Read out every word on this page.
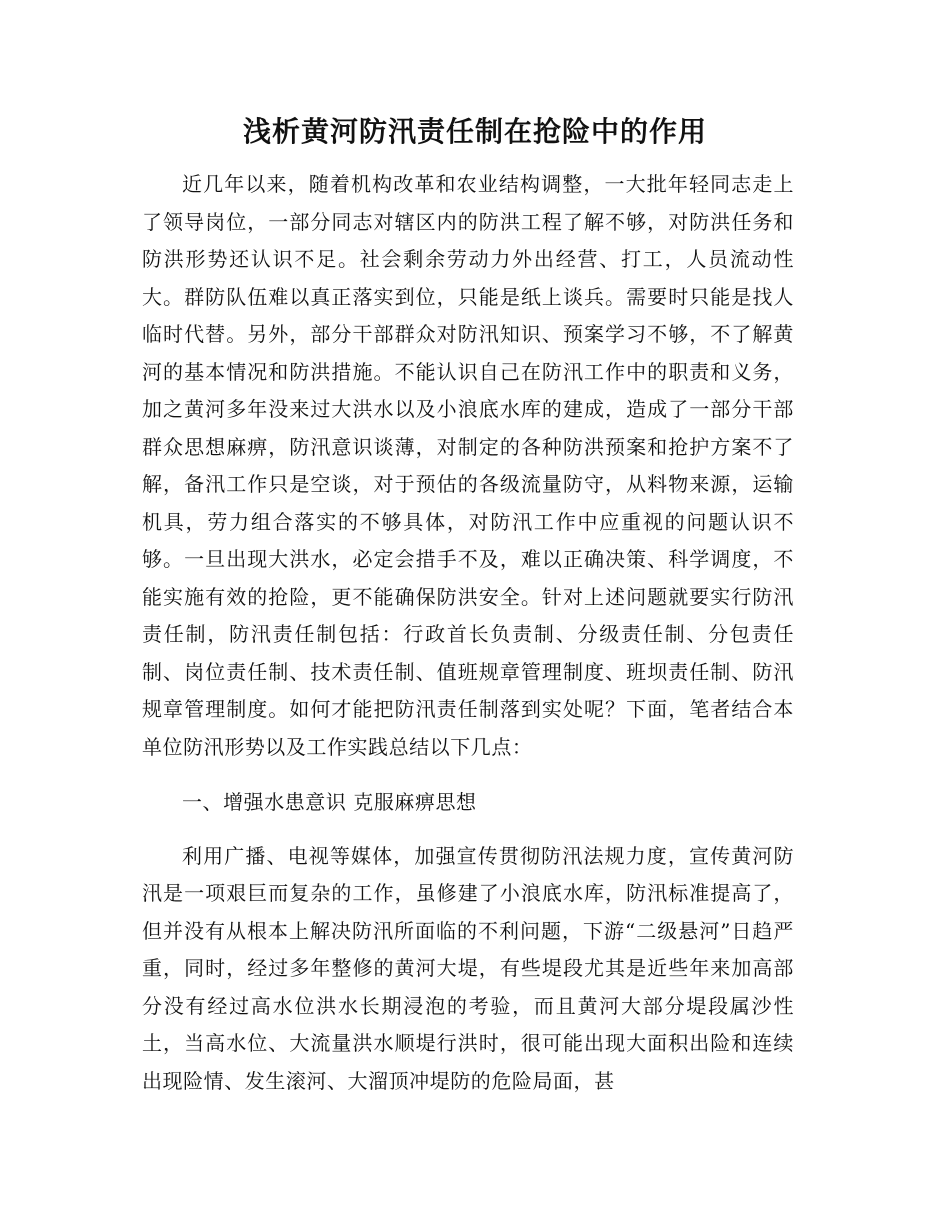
浅析黄河防汛责任制在抢险中的作用

近几年以来，随着机构改革和农业结构调整，一大批年轻同志走上了领导岗位，一部分同志对辖区内的防洪工程了解不够，对防洪任务和防洪形势还认识不足。社会剩余劳动力外出经营、打工，人员流动性大。群防队伍难以真正落实到位，只能是纸上谈兵。需要时只能是找人临时代替。另外，部分干部群众对防汛知识、预案学习不够，不了解黄河的基本情况和防洪措施。不能认识自己在防汛工作中的职责和义务，加之黄河多年没来过大洪水以及小浪底水库的建成，造成了一部分干部群众思想麻痹，防汛意识谈薄，对制定的各种防洪预案和抢护方案不了解，备汛工作只是空谈，对于预估的各级流量防守，从料物来源，运输机具，劳力组合落实的不够具体，对防汛工作中应重视的问题认识不够。一旦出现大洪水，必定会措手不及，难以正确决策、科学调度，不能实施有效的抢险，更不能确保防洪安全。针对上述问题就要实行防汛责任制，防汛责任制包括：行政首长负责制、分级责任制、分包责任制、岗位责任制、技术责任制、值班规章管理制度、班坝责任制、防汛规章管理制度。如何才能把防汛责任制落到实处呢？下面，笔者结合本单位防汛形势以及工作实践总结以下几点：

一、增强水患意识 克服麻痹思想

利用广播、电视等媒体，加强宣传贯彻防汛法规力度，宣传黄河防汛是一项艰巨而复杂的工作，虽修建了小浪底水库，防汛标准提高了，但并没有从根本上解决防汛所面临的不利问题，下游“二级悬河”日趋严重，同时，经过多年整修的黄河大堤，有些堤段尤其是近些年来加高部分没有经过高水位洪水长期浸泡的考验，而且黄河大部分堤段属沙性土，当高水位、大流量洪水顺堤行洪时，很可能出现大面积出险和连续出现险情、发生滚河、大溜顶冲堤防的危险局面，甚
